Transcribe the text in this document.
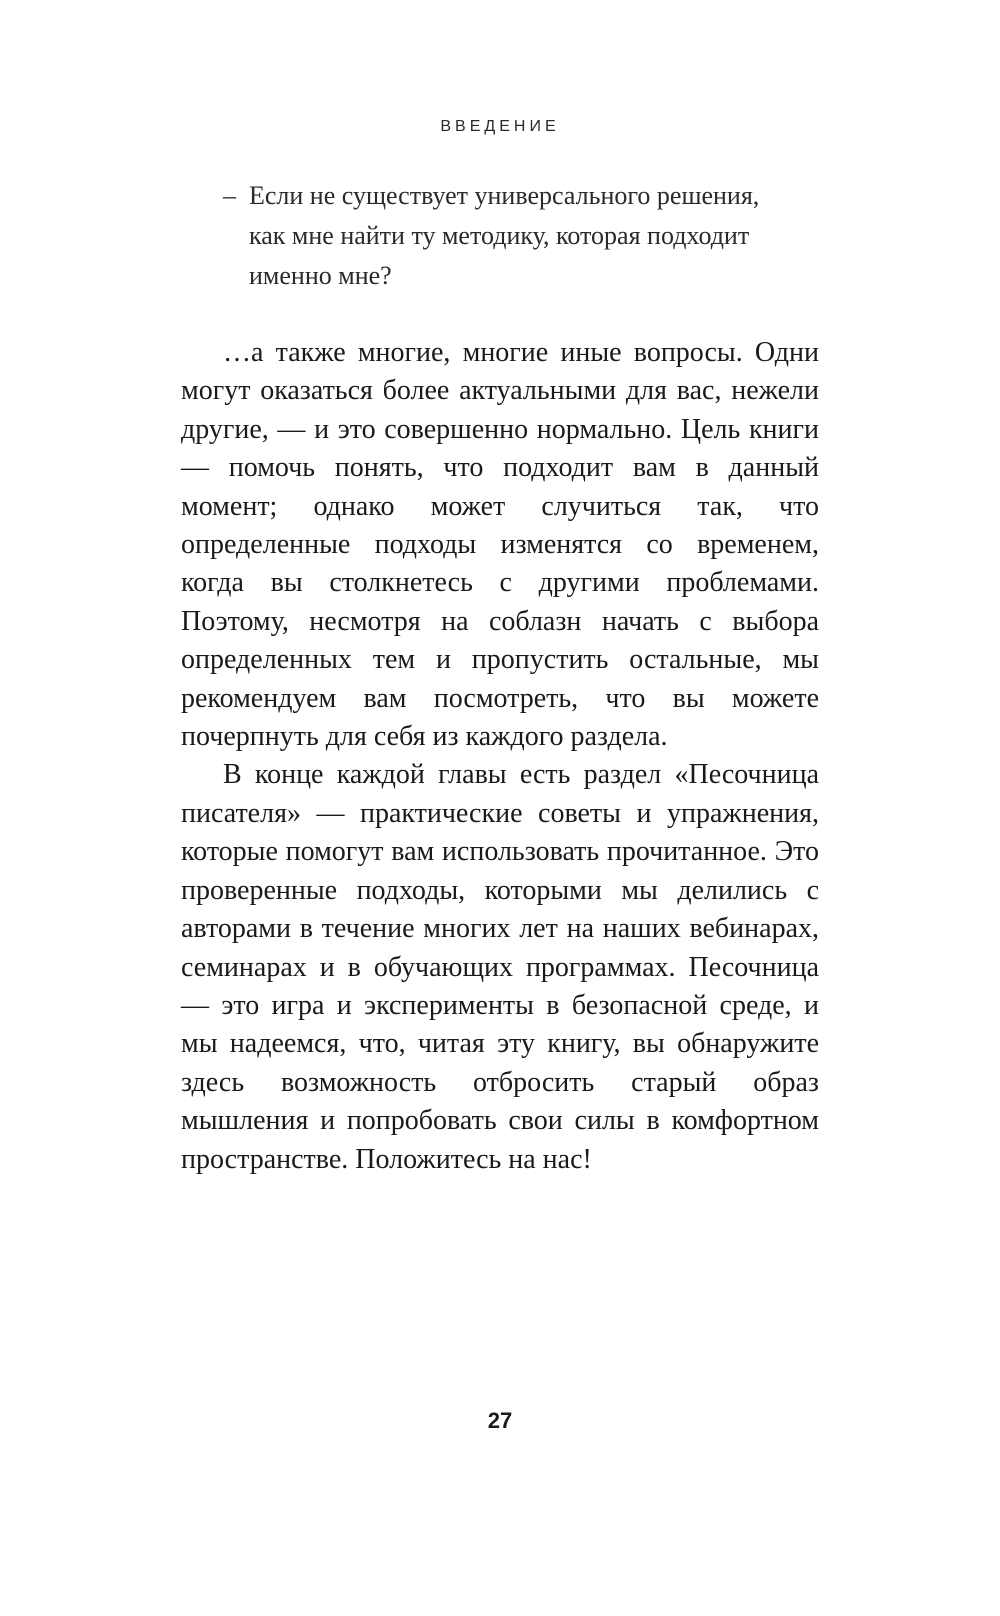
ВВЕДЕНИЕ
– Если не существует универсального решения, как мне найти ту методику, которая подходит именно мне?

…а также многие, многие иные вопросы. Одни могут оказаться более актуальными для вас, нежели другие, — и это совершенно нормально. Цель книги — помочь понять, что подходит вам в данный момент; однако может случиться так, что определенные подходы изменятся со временем, когда вы столкнетесь с другими проблемами. Поэтому, несмотря на соблазн начать с выбора определенных тем и пропустить остальные, мы рекомендуем вам посмотреть, что вы можете почерпнуть для себя из каждого раздела.

В конце каждой главы есть раздел «Песочница писателя» — практические советы и упражнения, которые помогут вам использовать прочитанное. Это проверенные подходы, которыми мы делились с авторами в течение многих лет на наших вебинарах, семинарах и в обучающих программах. Песочница — это игра и эксперименты в безопасной среде, и мы надеемся, что, читая эту книгу, вы обнаружите здесь возможность отбросить старый образ мышления и попробовать свои силы в комфортном пространстве. Положитесь на нас!

27
